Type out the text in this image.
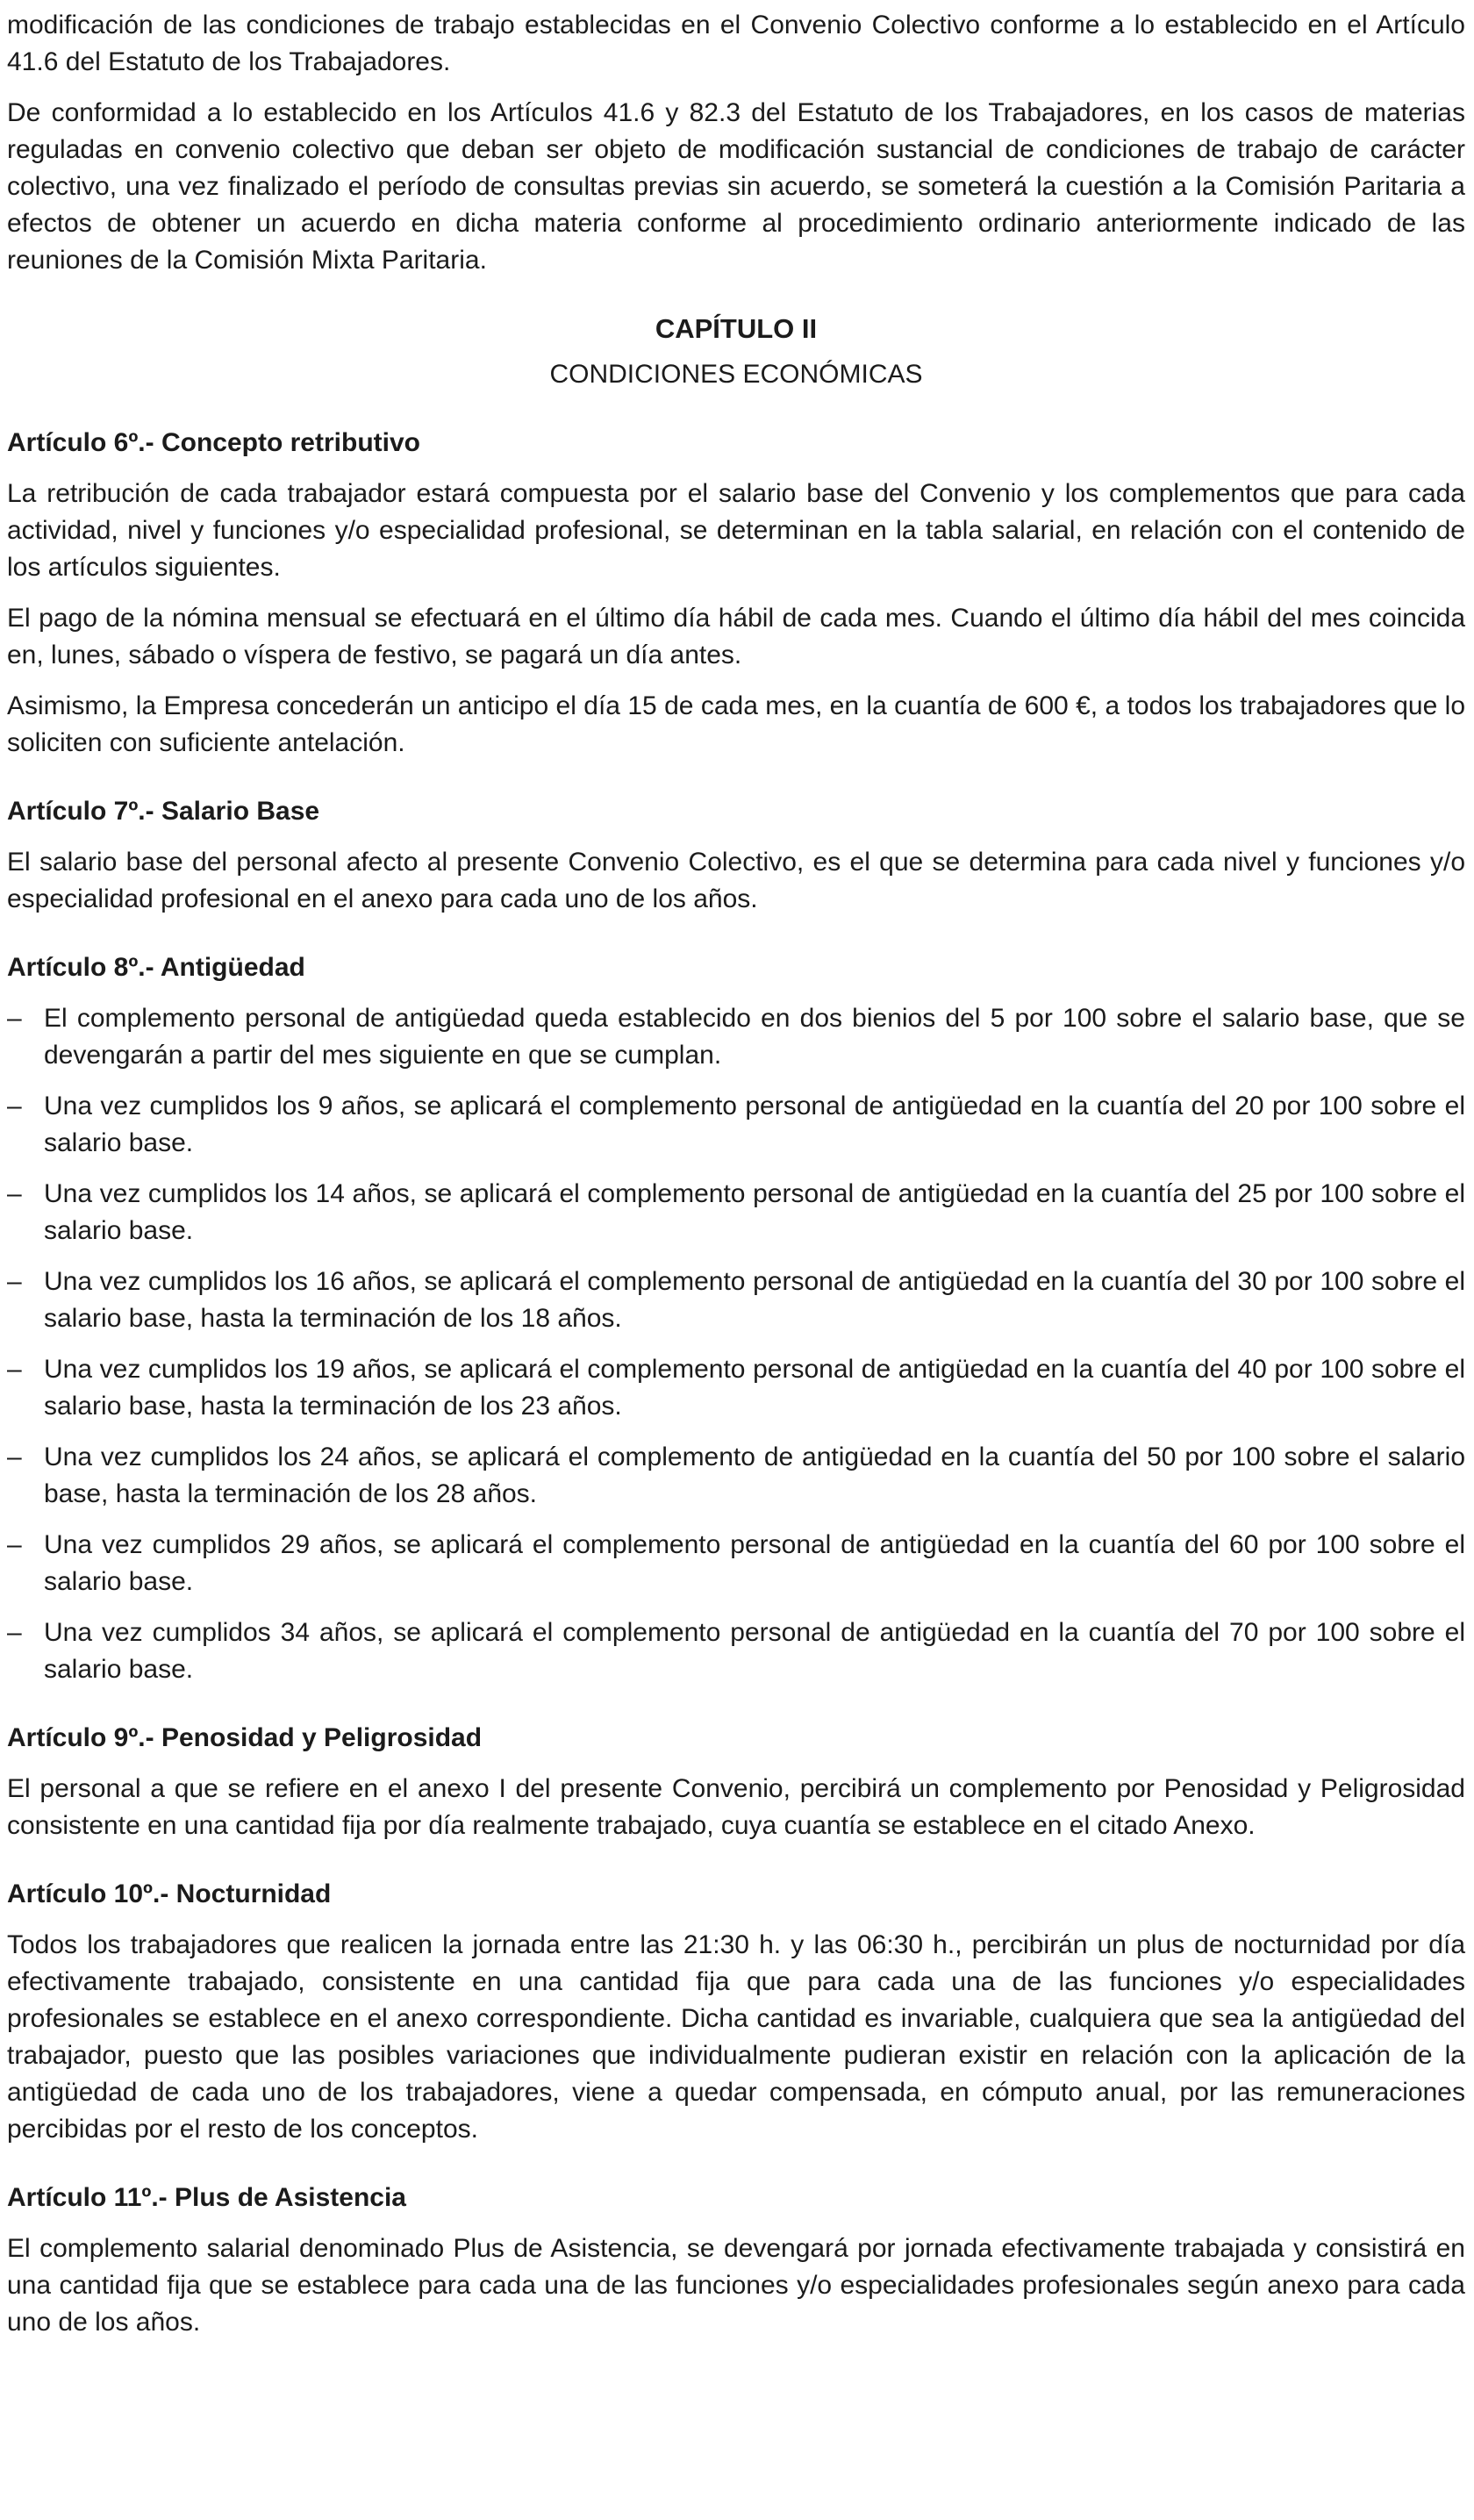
modificación de las condiciones de trabajo establecidas en el Convenio Colectivo conforme a lo establecido en el Artículo 41.6 del Estatuto de los Trabajadores.

De conformidad a lo establecido en los Artículos 41.6 y 82.3 del Estatuto de los Trabajadores, en los casos de materias reguladas en convenio colectivo que deban ser objeto de modificación sustancial de condiciones de trabajo de carácter colectivo, una vez finalizado el período de consultas previas sin acuerdo, se someterá la cuestión a la Comisión Paritaria a efectos de obtener un acuerdo en dicha materia conforme al procedimiento ordinario anteriormente indicado de las reuniones de la Comisión Mixta Paritaria.

CAPÍTULO II
CONDICIONES ECONÓMICAS
Artículo 6º.- Concepto retributivo

La retribución de cada trabajador estará compuesta por el salario base del Convenio y los complementos que para cada actividad, nivel y funciones y/o especialidad profesional, se determinan en la tabla salarial, en relación con el contenido de los artículos siguientes.

El pago de la nómina mensual se efectuará en el último día hábil de cada mes. Cuando el último día hábil del mes coincida en, lunes, sábado o víspera de festivo, se pagará un día antes.

Asimismo, la Empresa concederán un anticipo el día 15 de cada mes, en la cuantía de 600 €, a todos los trabajadores que lo soliciten con suficiente antelación.

Artículo 7º.- Salario Base

El salario base del personal afecto al presente Convenio Colectivo, es el que se determina para cada nivel y funciones y/o especialidad profesional en el anexo para cada uno de los años.

Artículo 8º.- Antigüedad
– El complemento personal de antigüedad queda establecido en dos bienios del 5 por 100 sobre el salario base, que se devengarán a partir del mes siguiente en que se cumplan.
– Una vez cumplidos los 9 años, se aplicará el complemento personal de antigüedad en la cuantía del 20 por 100 sobre el salario base.
– Una vez cumplidos los 14 años, se aplicará el complemento personal de antigüedad en la cuantía del 25 por 100 sobre el salario base.
– Una vez cumplidos los 16 años, se aplicará el complemento personal de antigüedad en la cuantía del 30 por 100 sobre el salario base, hasta la terminación de los 18 años.
– Una vez cumplidos los 19 años, se aplicará el complemento personal de antigüedad en la cuantía del 40 por 100 sobre el salario base, hasta la terminación de los 23 años.
– Una vez cumplidos los 24 años, se aplicará el complemento de antigüedad en la cuantía del 50 por 100 sobre el salario base, hasta la terminación de los 28 años.
– Una vez cumplidos 29 años, se aplicará el complemento personal de antigüedad en la cuantía del 60 por 100 sobre el salario base.
– Una vez cumplidos 34 años, se aplicará el complemento personal de antigüedad en la cuantía del 70 por 100 sobre el salario base.
Artículo 9º.- Penosidad y Peligrosidad

El personal a que se refiere en el anexo I del presente Convenio, percibirá un complemento por Penosidad y Peligrosidad consistente en una cantidad fija por día realmente trabajado, cuya cuantía se establece en el citado Anexo.

Artículo 10º.- Nocturnidad

Todos los trabajadores que realicen la jornada entre las 21:30 h. y las 06:30 h., percibirán un plus de nocturnidad por día efectivamente trabajado, consistente en una cantidad fija que para cada una de las funciones y/o especialidades profesionales se establece en el anexo correspondiente. Dicha cantidad es invariable, cualquiera que sea la antigüedad del trabajador, puesto que las posibles variaciones que individualmente pudieran existir en relación con la aplicación de la antigüedad de cada uno de los trabajadores, viene a quedar compensada, en cómputo anual, por las remuneraciones percibidas por el resto de los conceptos.

Artículo 11º.- Plus de Asistencia

El complemento salarial denominado Plus de Asistencia, se devengará por jornada efectivamente trabajada y consistirá en una cantidad fija que se establece para cada una de las funciones y/o especialidades profesionales según anexo para cada uno de los años.
